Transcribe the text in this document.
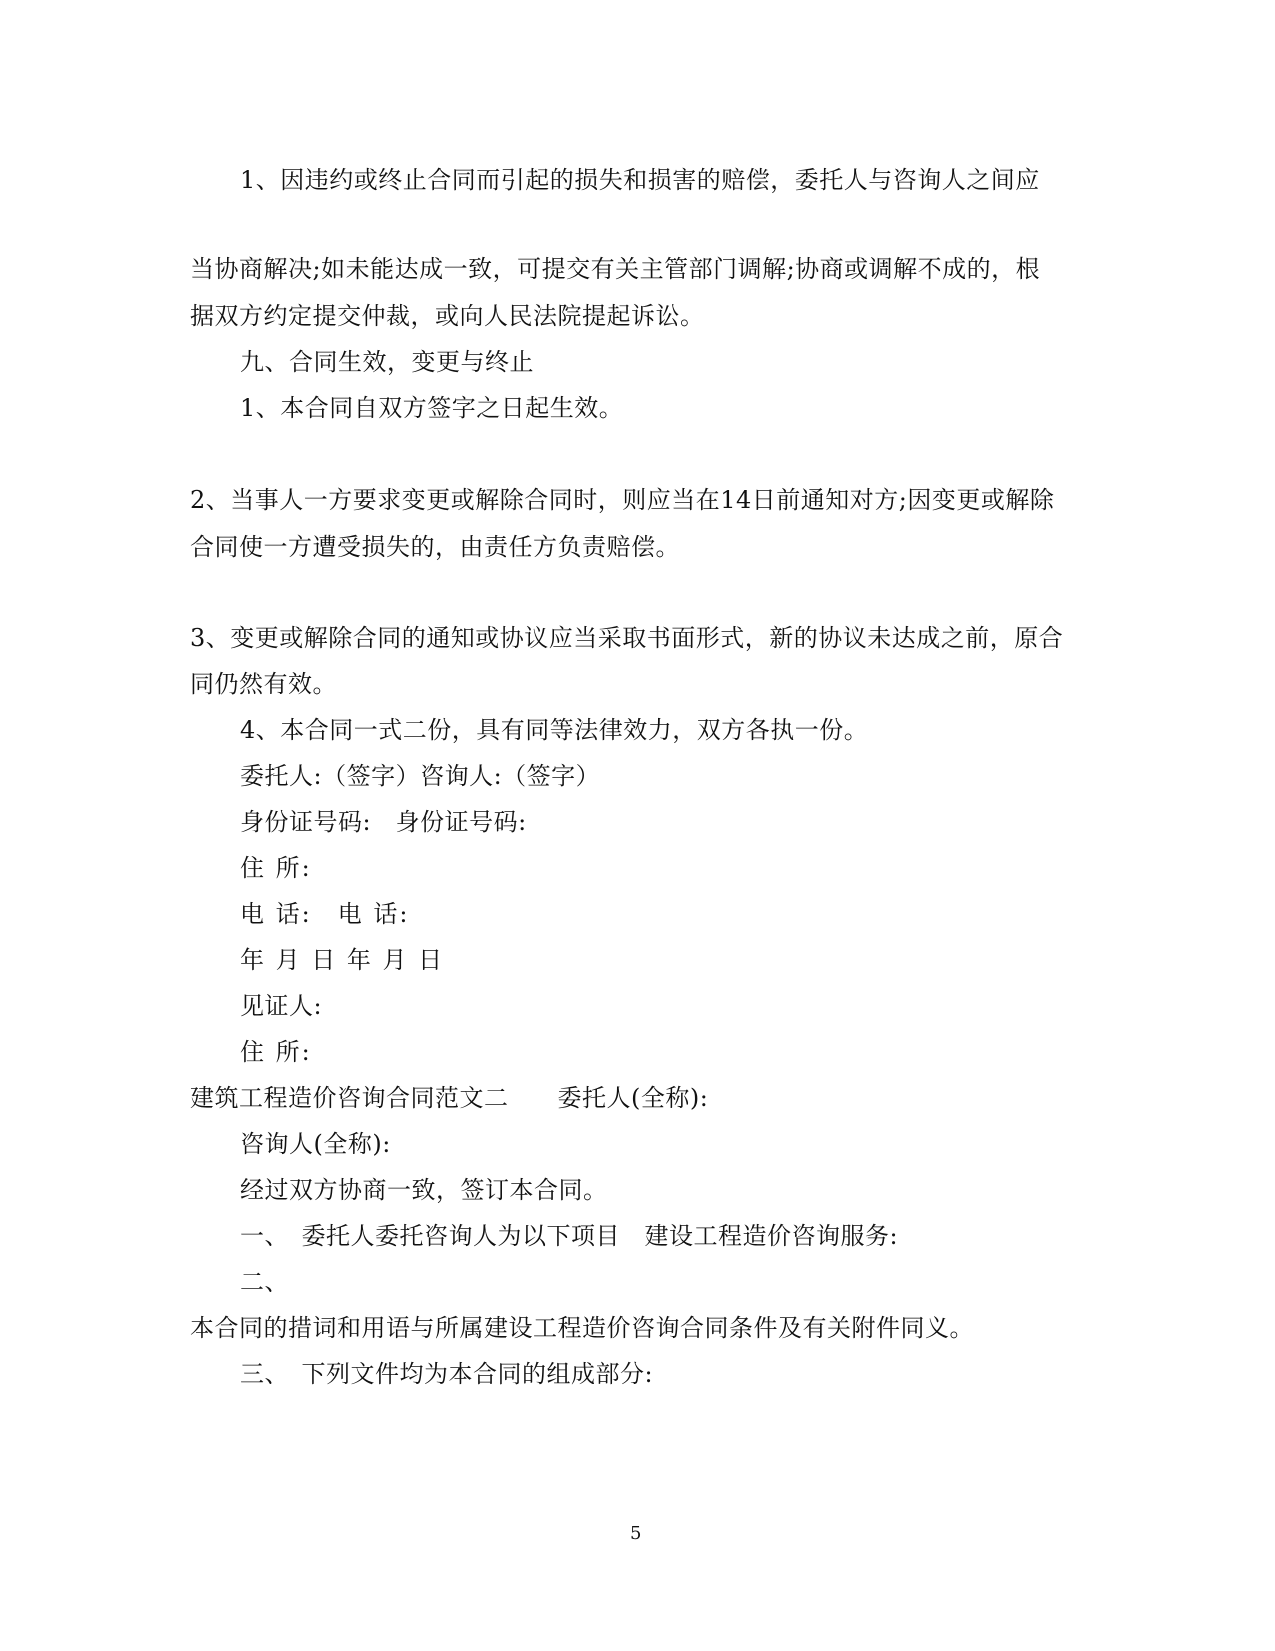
1、因违约或终止合同而引起的损失和损害的赔偿，委托人与咨询人之间应
当协商解决;如未能达成一致，可提交有关主管部门调解;协商或调解不成的，根
据双方约定提交仲裁，或向人民法院提起诉讼。
九、合同生效，变更与终止
1、本合同自双方签字之日起生效。
2、当事人一方要求变更或解除合同时，则应当在14日前通知对方;因变更或解除
合同使一方遭受损失的，由责任方负责赔偿。
3、变更或解除合同的通知或协议应当采取书面形式，新的协议未达成之前，原合
同仍然有效。
4、本合同一式二份，具有同等法律效力，双方各执一份。
委托人:（签字）咨询人:（签字）
身份证号码:　身份证号码:
住 所:
电 话:　电 话:
年 月 日 年 月 日
见证人:
住 所:
建筑工程造价咨询合同范文二　　委托人(全称):
咨询人(全称):
经过双方协商一致，签订本合同。
一、　委托人委托咨询人为以下项目　建设工程造价咨询服务:
二、
本合同的措词和用语与所属建设工程造价咨询合同条件及有关附件同义。
三、　下列文件均为本合同的组成部分:
5
